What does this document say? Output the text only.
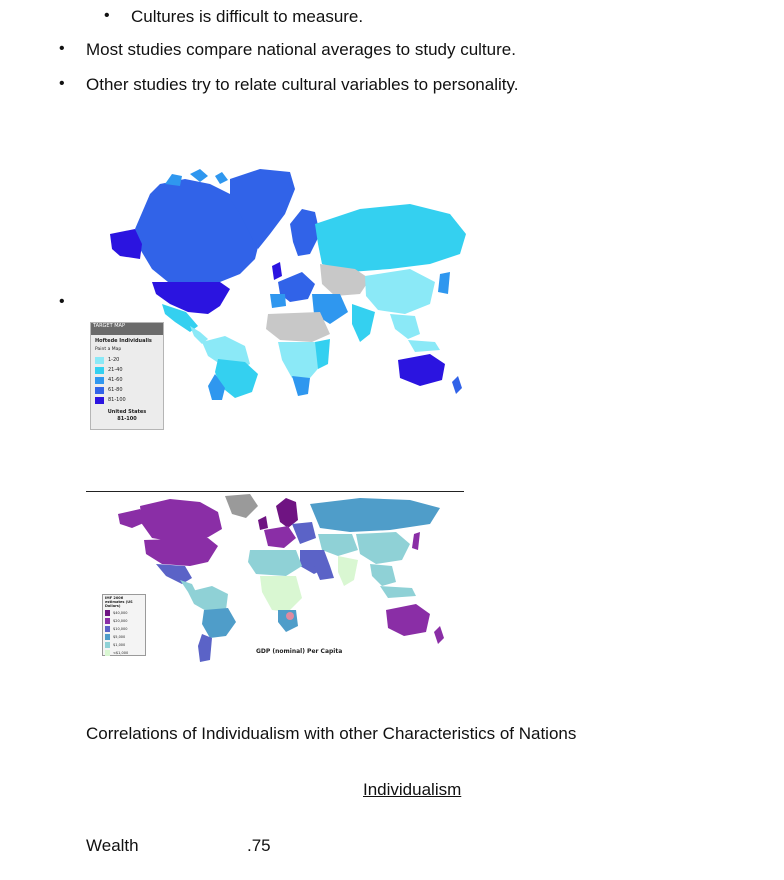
• Cultures is difficult to measure.
• Most studies compare national averages to study culture.
• Other studies try to relate cultural variables to personality.
•
TARGET MAP
Hoftede Individualis
Paint a Map
1-20
21-40
41-60
61-80
81-100
United States
81-100
IMF 2006 estimates (US Dollars)
$40,000
$20,000
$10,000
$5,000
$1,000
<$1,000	GDP (nominal) Per Capita
Correlations of Individualism with other Characteristics of Nations
Individualism
Wealth	.75
